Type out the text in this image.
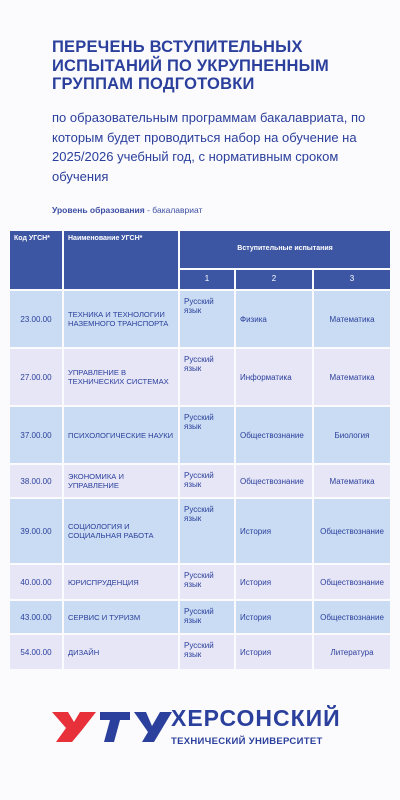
ПЕРЕЧЕНЬ ВСТУПИТЕЛЬНЫХ ИСПЫТАНИЙ ПО УКРУПНЕННЫМ ГРУППАМ ПОДГОТОВКИ
по образовательным программам бакалавриата, по которым будет проводиться набор на обучение на 2025/2026 учебный год, с нормативным сроком обучения
Уровень образования - бакалавриат
Код УГСН*	Наименование УГСН*	Вступительные испытания		
		1	2	3
23.00.00	ТЕХНИКА И ТЕХНОЛОГИИ НАЗЕМНОГО ТРАНСПОРТА	Русский язык	Физика	Математика
27.00.00	УПРАВЛЕНИЕ В ТЕХНИЧЕСКИХ СИСТЕМАХ	Русский язык	Информатика	Математика
37.00.00	ПСИХОЛОГИЧЕСКИЕ НАУКИ	Русский язык	Обществознание	Биология
38.00.00	ЭКОНОМИКА И УПРАВЛЕНИЕ	Русский язык	Обществознание	Математика
39.00.00	СОЦИОЛОГИЯ И СОЦИАЛЬНАЯ РАБОТА	Русский язык	История	Обществознание
40.00.00	ЮРИСПРУДЕНЦИЯ	Русский язык	История	Обществознание
43.00.00	СЕРВИС И ТУРИЗМ	Русский язык	История	Обществознание
54.00.00	ДИЗАЙН	Русский язык	История	Литература
ХЕРСОНСКИЙ
ТЕХНИЧЕСКИЙ УНИВЕРСИТЕТ
